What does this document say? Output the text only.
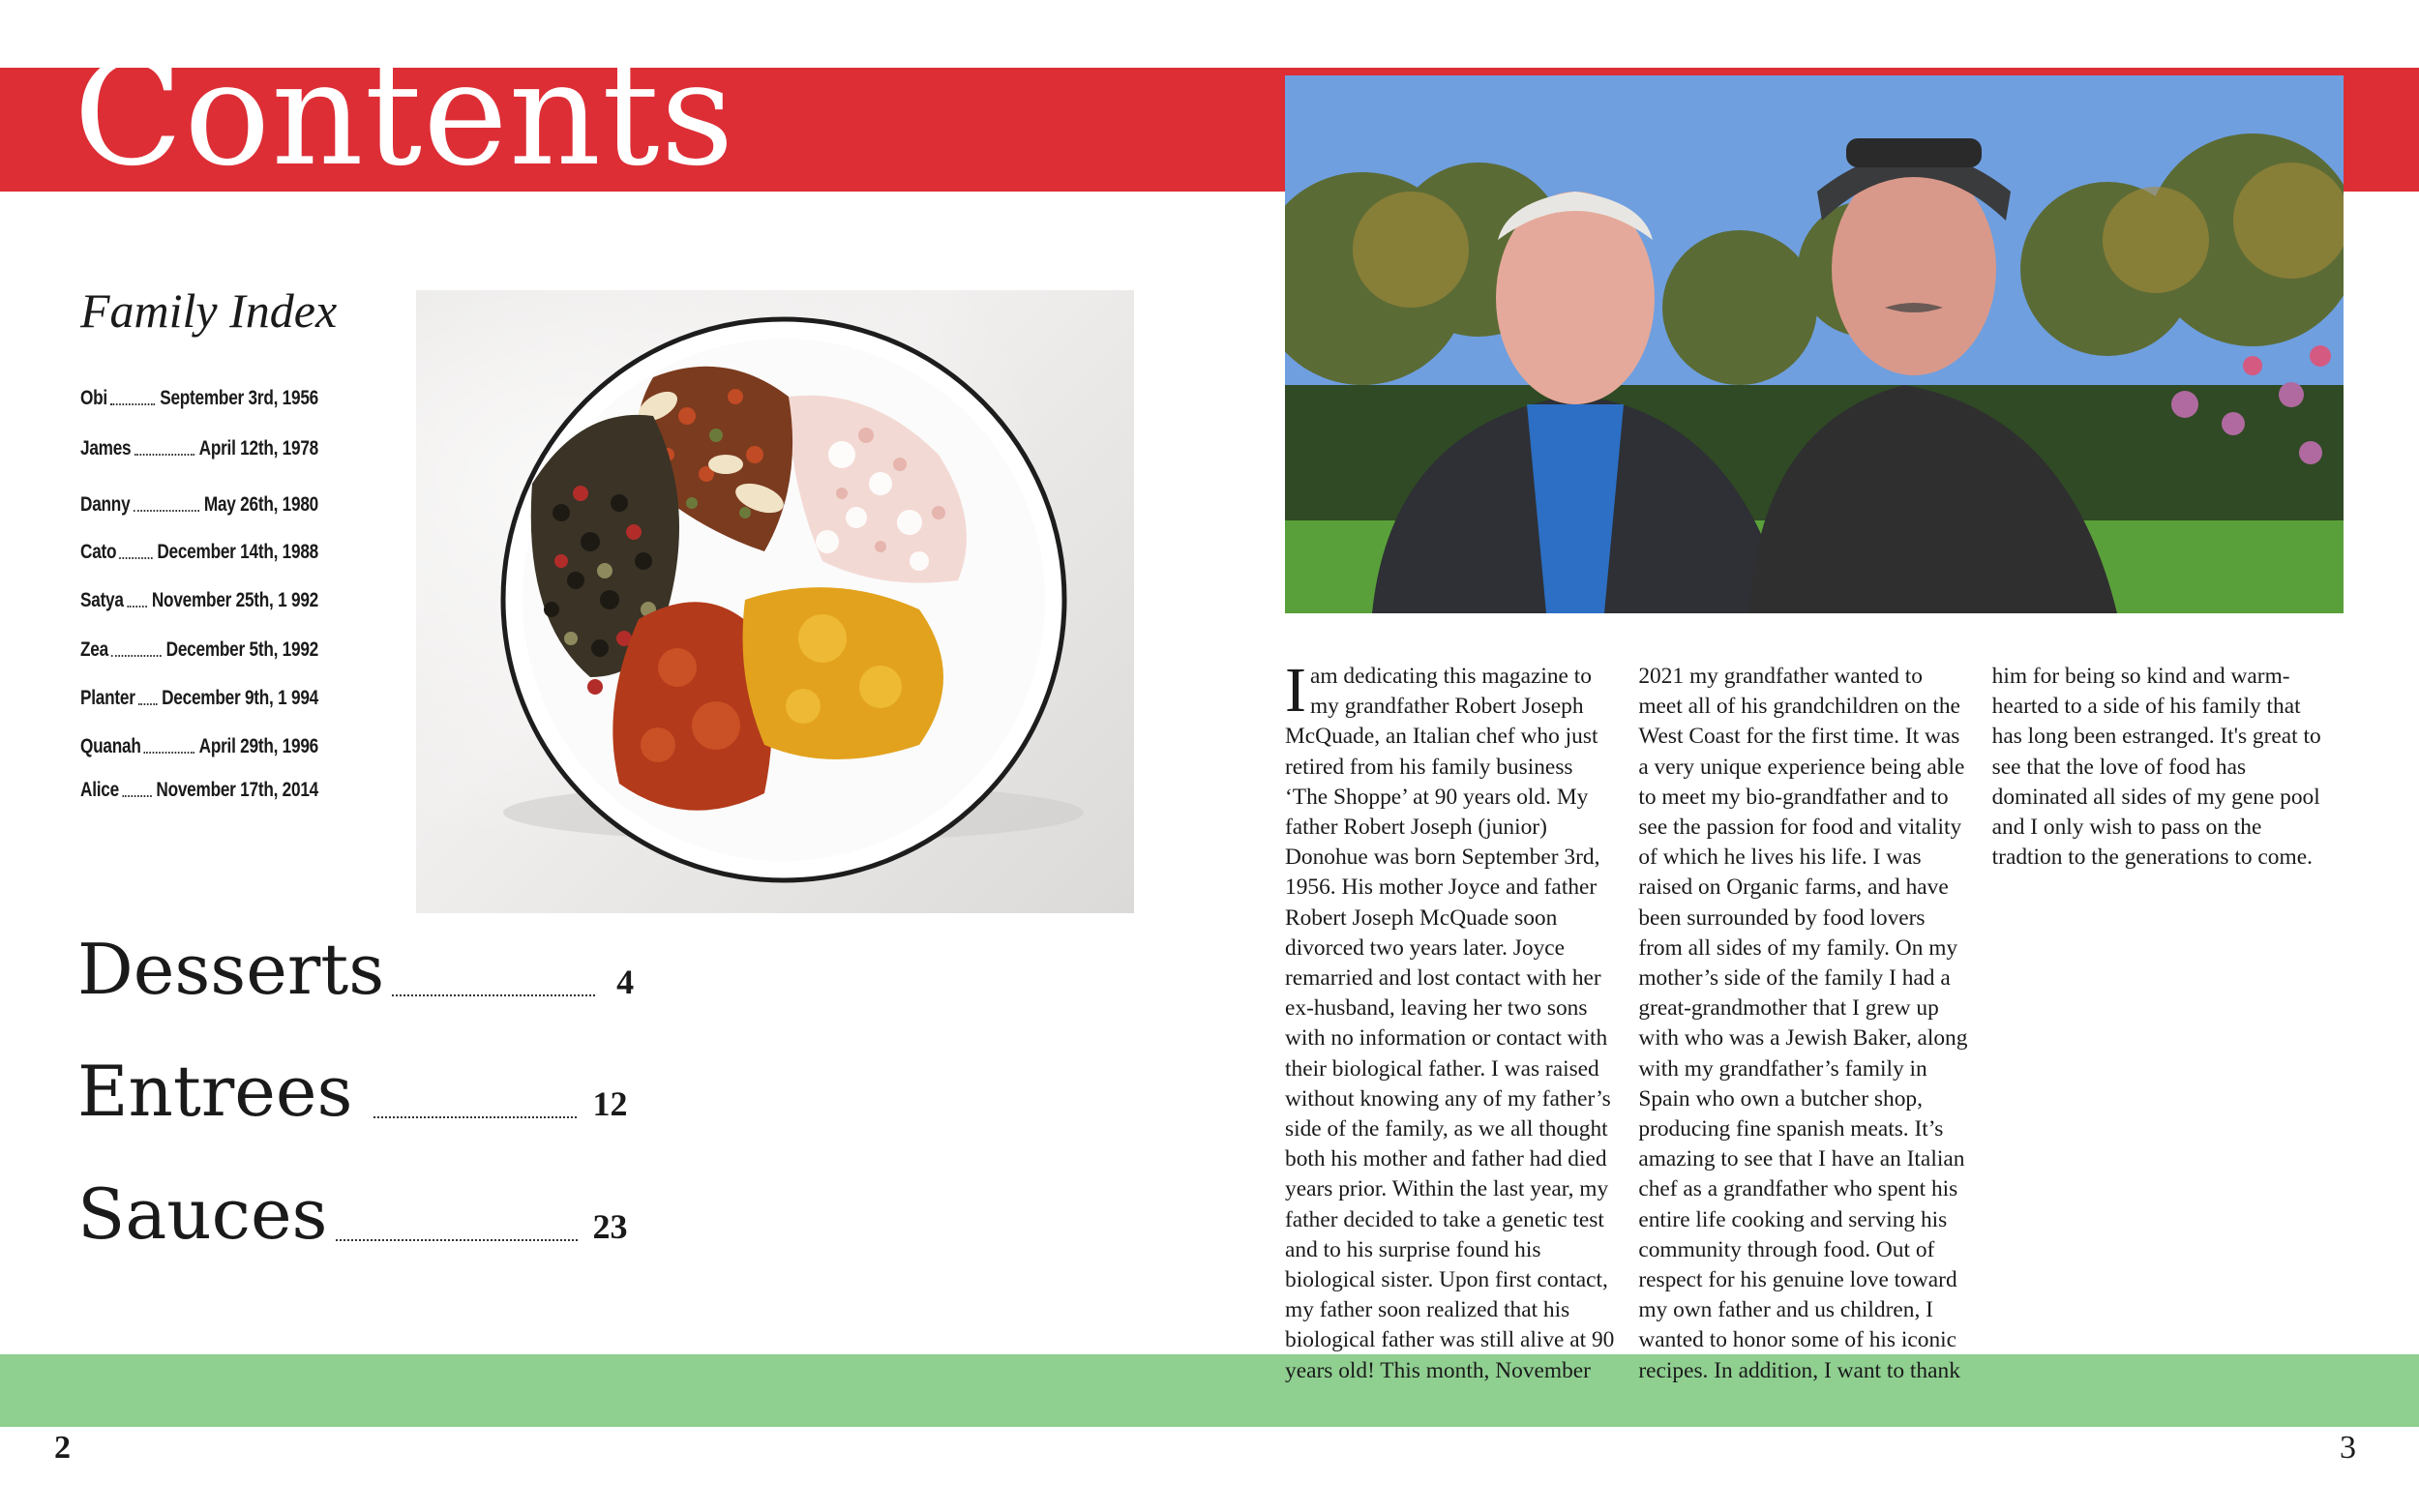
Contents
Family Index
Obi	September 3rd, 1956
James	April 12th, 1978
Danny	May 26th, 1980
Cato December 14th, 1988
Satya November 25th, 1 992
Zea	December 5th, 1992
Planter December 9th, 1 994
Quanah	April 29th, 1996
Alice November 17th, 2014
Desserts	4
Entrees	12
Sauces	23
Iam dedicating this magazine to my grandfather Robert Joseph McQuade, an Italian chef who just retired from his family business ‘The Shoppe’ at 90 years old. My father Robert Joseph (junior) Donohue was born September 3rd, 1956. His mother Joyce and father Robert Joseph McQuade soon divorced two years later. Joyce remarried and lost contact with her ex-husband, leaving her two sons with no information or contact with their biological father. I was raised without knowing any of my father’s side of the family, as we all thought both his mother and father had died years prior. Within the last year, my father decided to take a genetic test and to his surprise found his biological sister. Upon first contact, my father soon realized that his biological father was still alive at 90 years old! This month, November 2021 my grandfather wanted to meet all of his grandchildren on the West Coast for the first time. It was a very unique experience being able to meet my bio-grandfather and to see the passion for food and vitality of which he lives his life. I was raised on Organic farms, and have been surrounded by food lovers from all sides of my family. On my mother’s side of the family I had a great-grandmother that I grew up with who was a Jewish Baker, along with my grandfather’s family in Spain who own a butcher shop, producing fine spanish meats. It’s amazing to see that I have an Italian chef as a grandfather who spent his entire life cooking and serving his community through food. Out of respect for his genuine love toward my own father and us children, I wanted to honor some of his iconic recipes. In addition, I want to thank him for being so kind and warm-hearted to a side of his family that has long been estranged. It's great to see that the love of food has dominated all sides of my gene pool and I only wish to pass on the tradtion to the generations to come.
2	3
